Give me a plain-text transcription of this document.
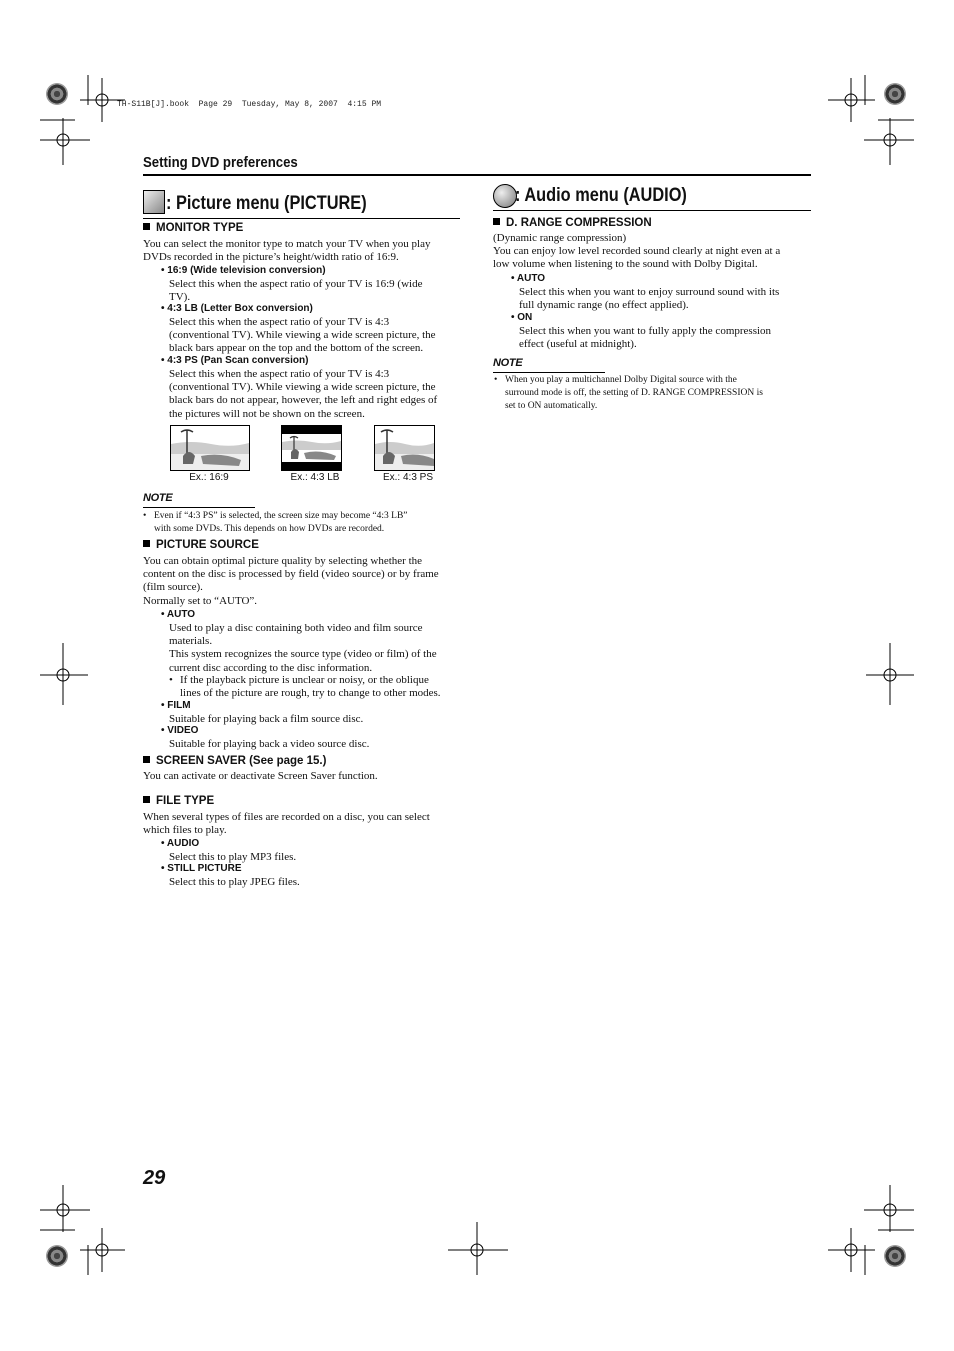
TH-S11B[J].book  Page 29  Tuesday, May 8, 2007  4:15 PM
Setting DVD preferences
: Picture menu (PICTURE)
MONITOR TYPE
You can select the monitor type to match your TV when you play
DVDs recorded in the picture’s height/width ratio of 16:9.
• 16:9 (Wide television conversion)
Select this when the aspect ratio of your TV is 16:9 (wide
TV).
• 4:3 LB (Letter Box conversion)
Select this when the aspect ratio of your TV is 4:3
(conventional TV). While viewing a wide screen picture, the
black bars appear on the top and the bottom of the screen.
• 4:3 PS (Pan Scan conversion)
Select this when the aspect ratio of your TV is 4:3
(conventional TV). While viewing a wide screen picture, the
black bars do not appear, however, the left and right edges of
the pictures will not be shown on the screen.
Ex.: 16:9	Ex.: 4:3 LB	Ex.: 4:3 PS
NOTE
• Even if “4:3 PS” is selected, the screen size may become “4:3 LB”
with some DVDs. This depends on how DVDs are recorded.
PICTURE SOURCE
You can obtain optimal picture quality by selecting whether the
content on the disc is processed by field (video source) or by frame
(film source).
Normally set to “AUTO”.
• AUTO
Used to play a disc containing both video and film source
materials.
This system recognizes the source type (video or film) of the
current disc according to the disc information.
• If the playback picture is unclear or noisy, or the oblique
lines of the picture are rough, try to change to other modes.
• FILM
Suitable for playing back a film source disc.
• VIDEO
Suitable for playing back a video source disc.
SCREEN SAVER (See page 15.)
You can activate or deactivate Screen Saver function.
FILE TYPE
When several types of files are recorded on a disc, you can select
which files to play.
• AUDIO
Select this to play MP3 files.
• STILL PICTURE
Select this to play JPEG files.
: Audio menu (AUDIO)
D. RANGE COMPRESSION
(Dynamic range compression)
You can enjoy low level recorded sound clearly at night even at a
low volume when listening to the sound with Dolby Digital.
• AUTO
Select this when you want to enjoy surround sound with its
full dynamic range (no effect applied).
• ON
Select this when you want to fully apply the compression
effect (useful at midnight).
NOTE
• When you play a multichannel Dolby Digital source with the
surround mode is off, the setting of D. RANGE COMPRESSION is
set to ON automatically.
29
